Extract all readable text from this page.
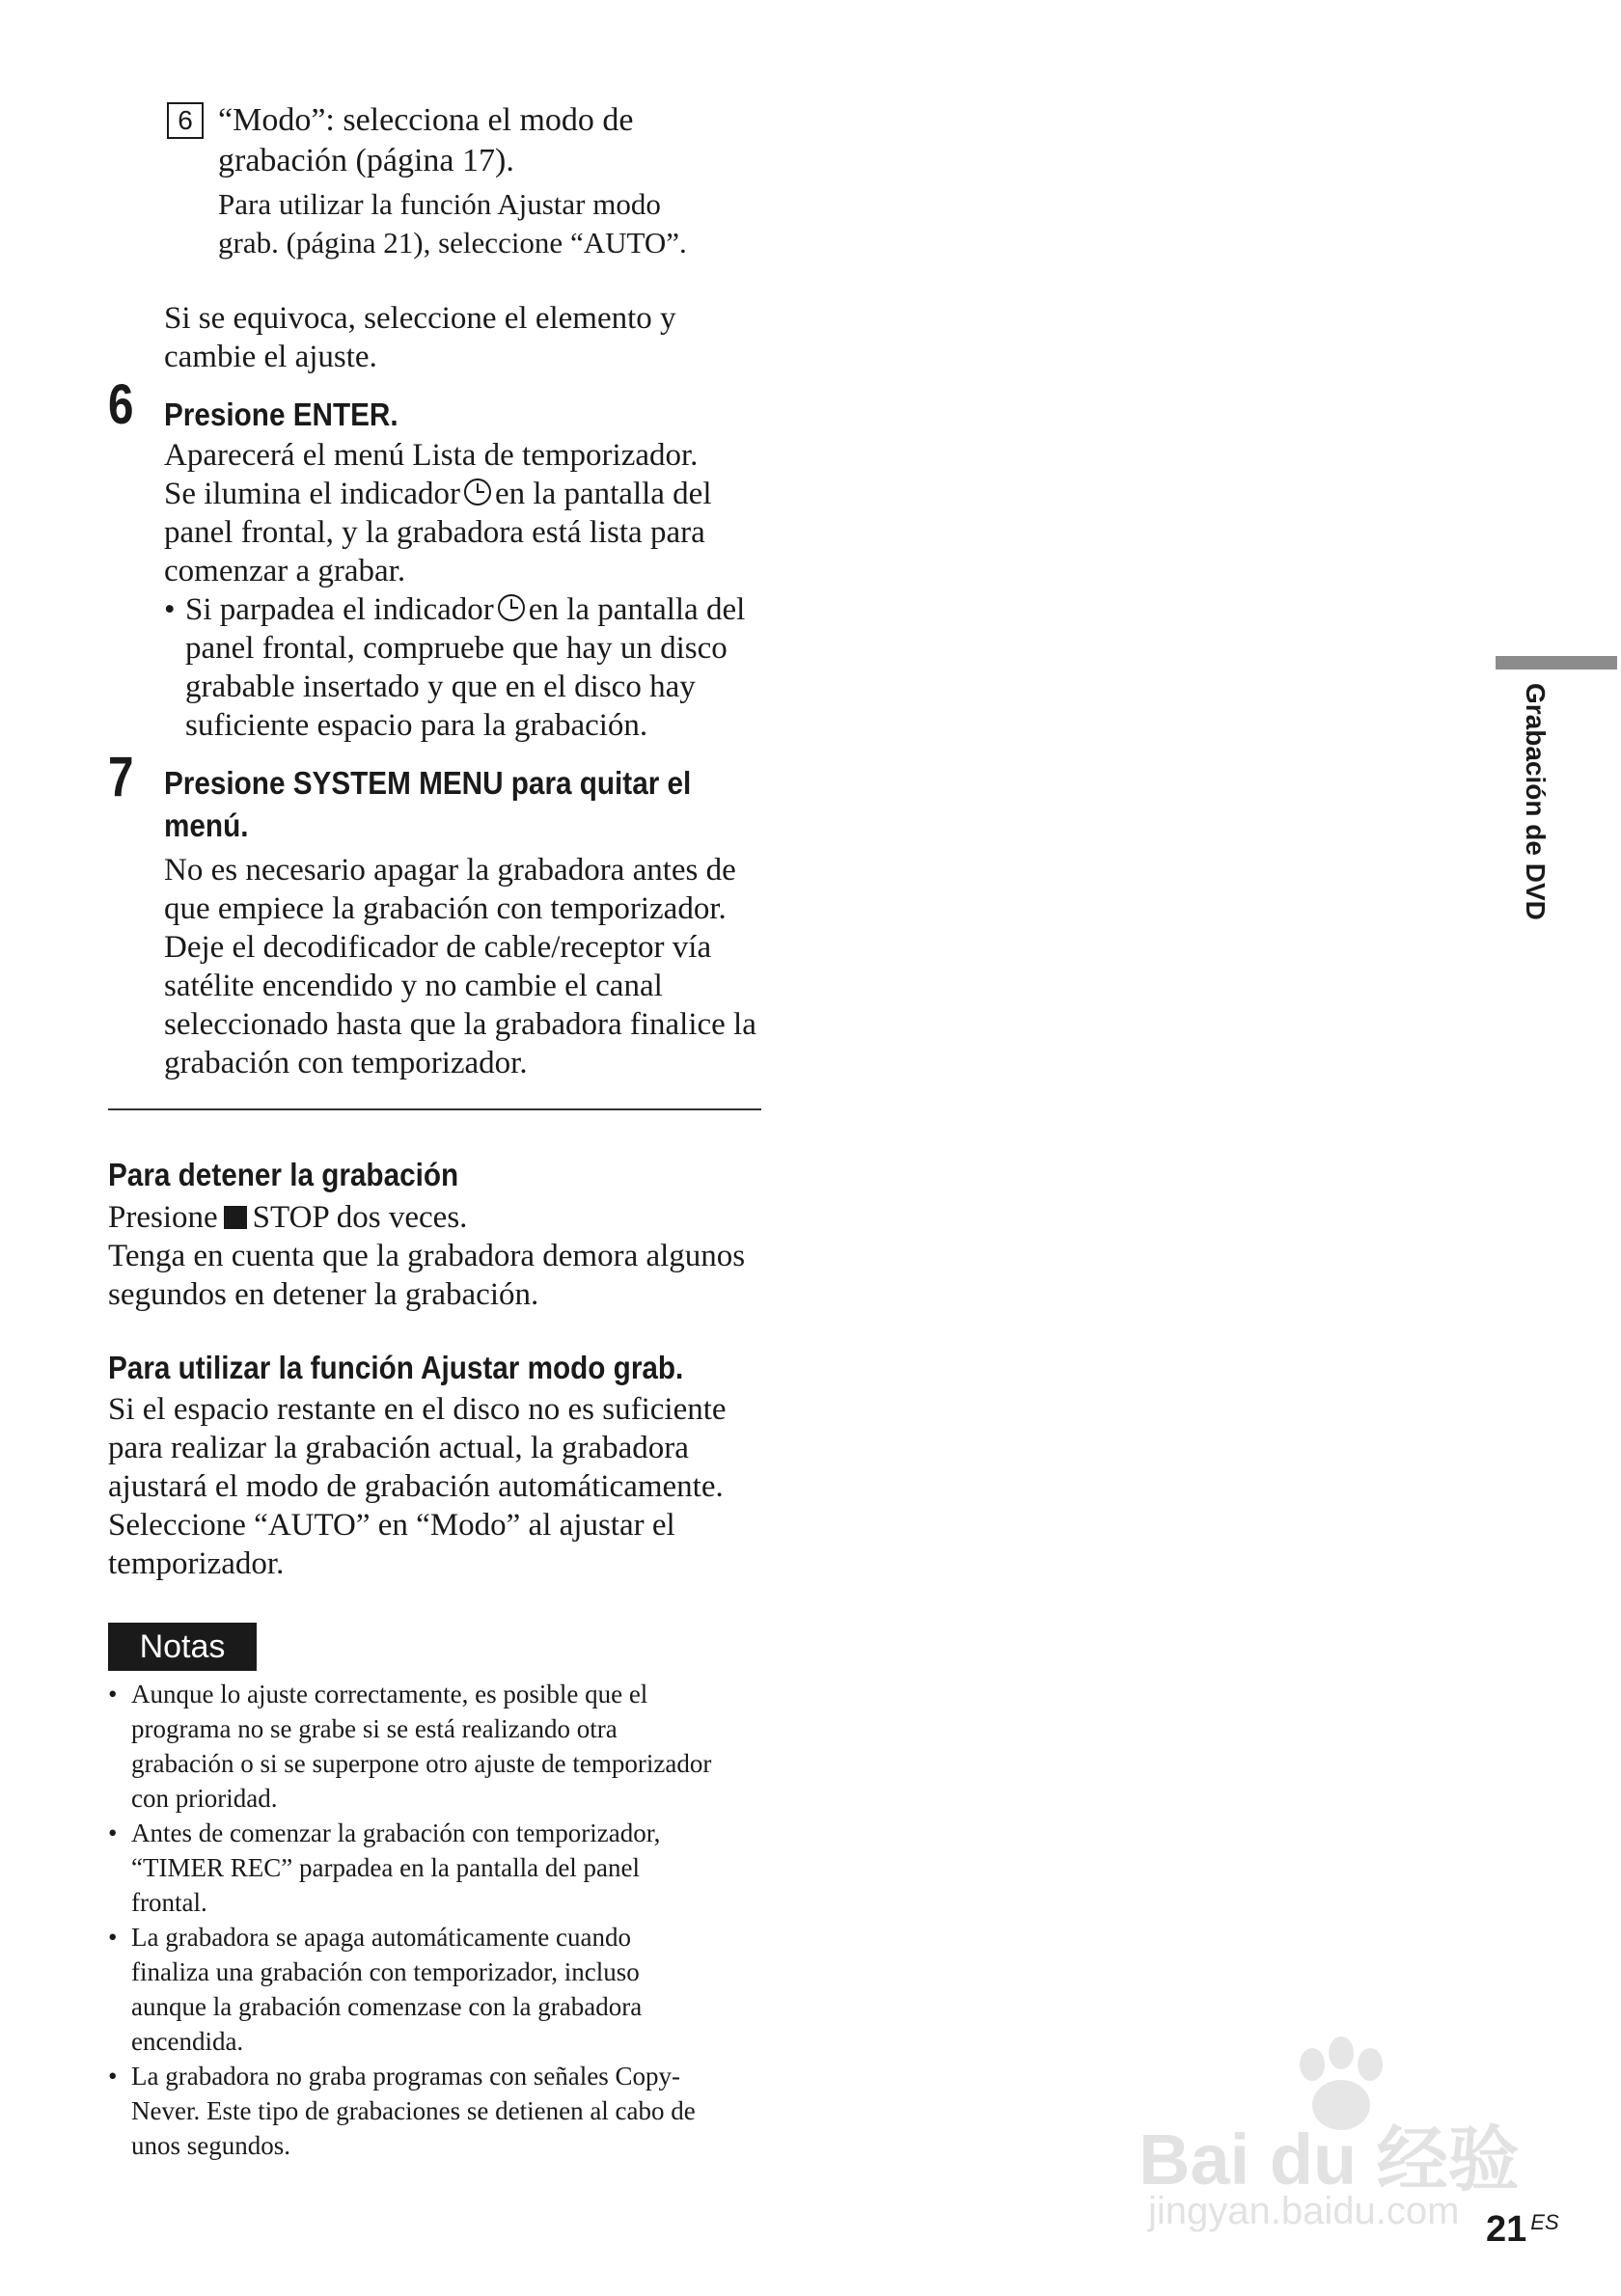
6 “Modo”: selecciona el modo de
grabación (página 17).
Para utilizar la función Ajustar modo
grab. (página 21), seleccione “AUTO”.
Si se equivoca, seleccione el elemento y
cambie el ajuste.
6 Presione ENTER.
Aparecerá el menú Lista de temporizador.
Se ilumina el indicador en la pantalla del
panel frontal, y la grabadora está lista para
comenzar a grabar.
• Si parpadea el indicador en la pantalla del
panel frontal, compruebe que hay un disco
grabable insertado y que en el disco hay
suficiente espacio para la grabación.
7 Presione SYSTEM MENU para quitar el
menú.
No es necesario apagar la grabadora antes de
que empiece la grabación con temporizador.
Deje el decodificador de cable/receptor vía
satélite encendido y no cambie el canal
seleccionado hasta que la grabadora finalice la
grabación con temporizador.
Para detener la grabación
Presione STOP dos veces.
Tenga en cuenta que la grabadora demora algunos
segundos en detener la grabación.
Para utilizar la función Ajustar modo grab.
Si el espacio restante en el disco no es suficiente
para realizar la grabación actual, la grabadora
ajustará el modo de grabación automáticamente.
Seleccione “AUTO” en “Modo” al ajustar el
temporizador.
Notas
• Aunque lo ajuste correctamente, es posible que el
programa no se grabe si se está realizando otra
grabación o si se superpone otro ajuste de temporizador
con prioridad.
• Antes de comenzar la grabación con temporizador,
“TIMER REC” parpadea en la pantalla del panel
frontal.
• La grabadora se apaga automáticamente cuando
finaliza una grabación con temporizador, incluso
aunque la grabación comenzase con la grabadora
encendida.
• La grabadora no graba programas con señales Copy-
Never. Este tipo de grabaciones se detienen al cabo de
unos segundos.
Grabación de DVD
Bai du 经验
jingyan.baidu.com 21 ES
